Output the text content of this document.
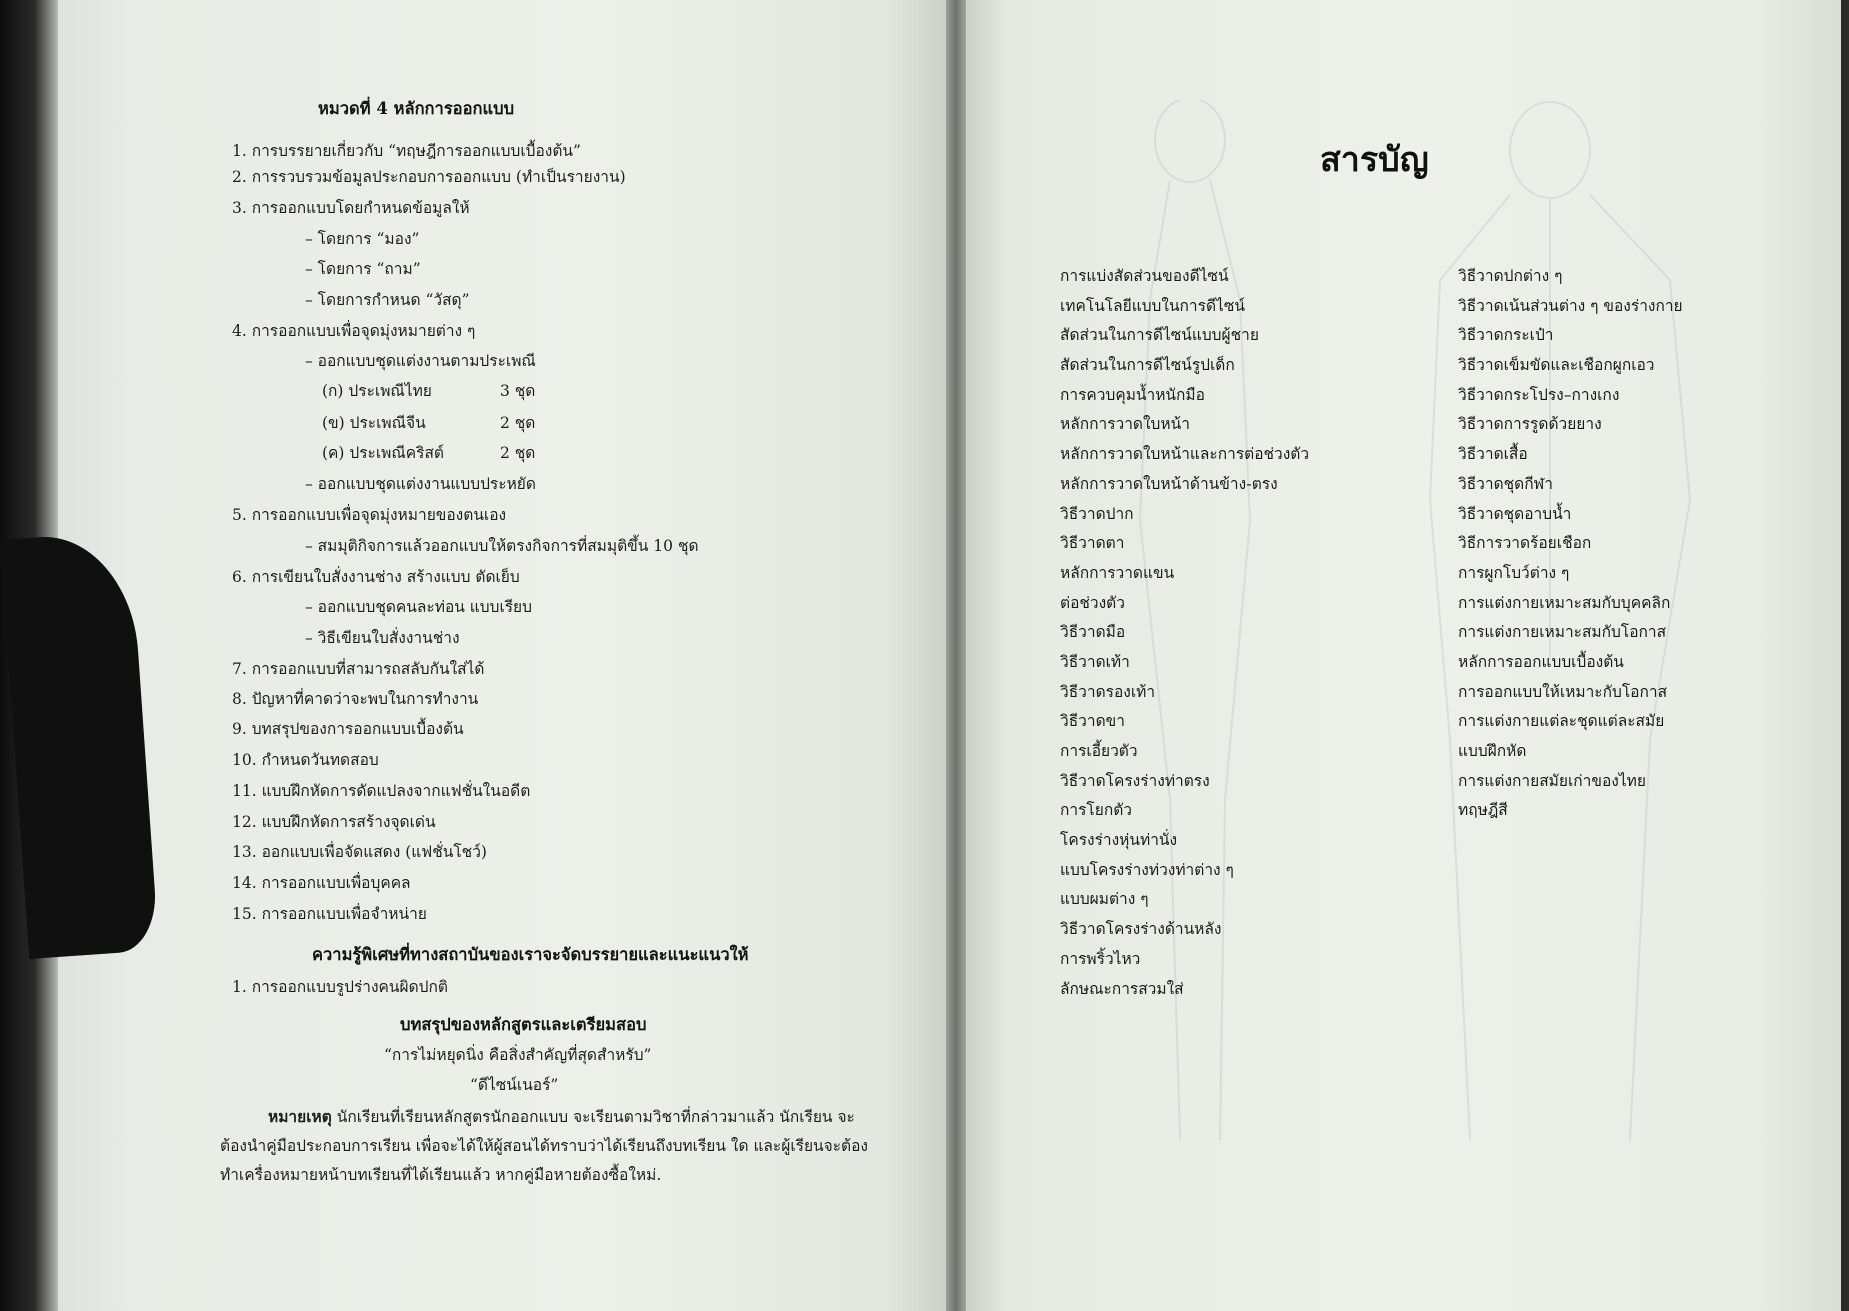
หมวดที่ 4 หลักการออกแบบ
1. การบรรยายเกี่ยวกับ “ทฤษฎีการออกแบบเบื้องต้น”
2. การรวบรวมข้อมูลประกอบการออกแบบ (ทำเป็นรายงาน)
3. การออกแบบโดยกำหนดข้อมูลให้
– โดยการ “มอง”
– โดยการ “ถาม”
– โดยการกำหนด “วัสดุ”
4. การออกแบบเพื่อจุดมุ่งหมายต่าง ๆ
– ออกแบบชุดแต่งงานตามประเพณี
(ก) ประเพณีไทย	3 ชุด
(ข) ประเพณีจีน	2 ชุด
(ค) ประเพณีคริสต์	2 ชุด
– ออกแบบชุดแต่งงานแบบประหยัด
5. การออกแบบเพื่อจุดมุ่งหมายของตนเอง
– สมมุติกิจการแล้วออกแบบให้ตรงกิจการที่สมมุติขึ้น 10 ชุด
6. การเขียนใบสั่งงานช่าง สร้างแบบ ตัดเย็บ
– ออกแบบชุดคนละท่อน แบบเรียบ
– วิธีเขียนใบสั่งงานช่าง
7. การออกแบบที่สามารถสลับกันใส่ได้
8. ปัญหาที่คาดว่าจะพบในการทำงาน
9. บทสรุปของการออกแบบเบื้องต้น
10. กำหนดวันทดสอบ
11. แบบฝึกหัดการดัดแปลงจากแฟชั่นในอดีต
12. แบบฝึกหัดการสร้างจุดเด่น
13. ออกแบบเพื่อจัดแสดง (แฟชั่นโชว์)
14. การออกแบบเพื่อบุคคล
15. การออกแบบเพื่อจำหน่าย
ความรู้พิเศษที่ทางสถาบันของเราจะจัดบรรยายและแนะแนวให้
1. การออกแบบรูปร่างคนผิดปกติ
บทสรุปของหลักสูตรและเตรียมสอบ
“การไม่หยุดนิ่ง คือสิ่งสำคัญที่สุดสำหรับ”
“ดีไซน์เนอร์”
หมายเหตุ นักเรียนที่เรียนหลักสูตรนักออกแบบ จะเรียนตามวิชาที่กล่าวมาแล้ว นักเรียน จะต้องนำคู่มือประกอบการเรียน เพื่อจะได้ให้ผู้สอนได้ทราบว่าได้เรียนถึงบทเรียน ใด และผู้เรียนจะต้องทำเครื่องหมายหน้าบทเรียนที่ได้เรียนแล้ว หากคู่มือหายต้องซื้อใหม่.
สารบัญ
การแบ่งสัดส่วนของดีไซน์
เทคโนโลยีแบบในการดีไซน์
สัดส่วนในการดีไซน์แบบผู้ชาย
สัดส่วนในการดีไซน์รูปเด็ก
การควบคุมน้ำหนักมือ
หลักการวาดใบหน้า
หลักการวาดใบหน้าและการต่อช่วงตัว
หลักการวาดใบหน้าด้านข้าง-ตรง
วิธีวาดปาก
วิธีวาดตา
หลักการวาดแขน
ต่อช่วงตัว
วิธีวาดมือ
วิธีวาดเท้า
วิธีวาดรองเท้า
วิธีวาดขา
การเอี้ยวตัว
วิธีวาดโครงร่างท่าตรง
การโยกตัว
โครงร่างหุ่นท่านั่ง
แบบโครงร่างท่วงท่าต่าง ๆ
แบบผมต่าง ๆ
วิธีวาดโครงร่างด้านหลัง
การพริ้วไหว
ลักษณะการสวมใส่
วิธีวาดปกต่าง ๆ
วิธีวาดเน้นส่วนต่าง ๆ ของร่างกาย
วิธีวาดกระเป๋า
วิธีวาดเข็มขัดและเชือกผูกเอว
วิธีวาดกระโปรง–กางเกง
วิธีวาดการรูดด้วยยาง
วิธีวาดเสื้อ
วิธีวาดชุดกีฬา
วิธีวาดชุดอาบน้ำ
วิธีการวาดร้อยเชือก
การผูกโบว์ต่าง ๆ
การแต่งกายเหมาะสมกับบุคคลิก
การแต่งกายเหมาะสมกับโอกาส
หลักการออกแบบเบื้องต้น
การออกแบบให้เหมาะกับโอกาส
การแต่งกายแต่ละชุดแต่ละสมัย
แบบฝึกหัด
การแต่งกายสมัยเก่าของไทย
ทฤษฎีสี
